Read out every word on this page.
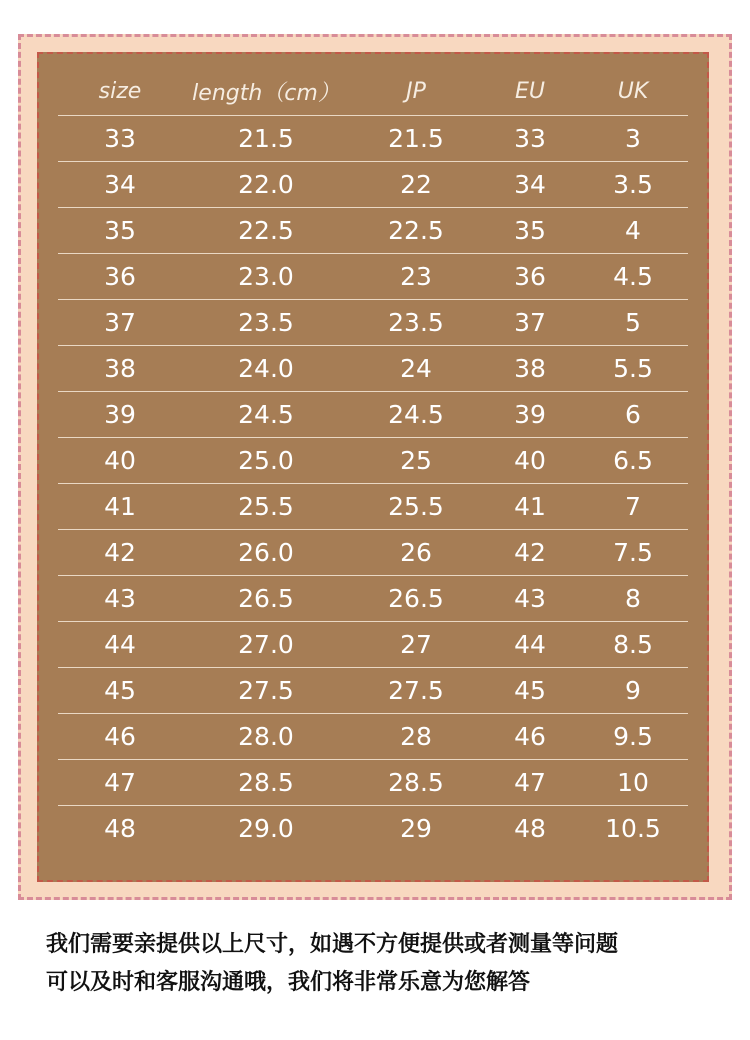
size	length（cm）	JP	EU	UK
33	21.5	21.5	33	3
34	22.0	22	34	3.5
35	22.5	22.5	35	4
36	23.0	23	36	4.5
37	23.5	23.5	37	5
38	24.0	24	38	5.5
39	24.5	24.5	39	6
40	25.0	25	40	6.5
41	25.5	25.5	41	7
42	26.0	26	42	7.5
43	26.5	26.5	43	8
44	27.0	27	44	8.5
45	27.5	27.5	45	9
46	28.0	28	46	9.5
47	28.5	28.5	47	10
48	29.0	29	48	10.5
我们需要亲提供以上尺寸，如遇不方便提供或者测量等问题
可以及时和客服沟通哦，我们将非常乐意为您解答
